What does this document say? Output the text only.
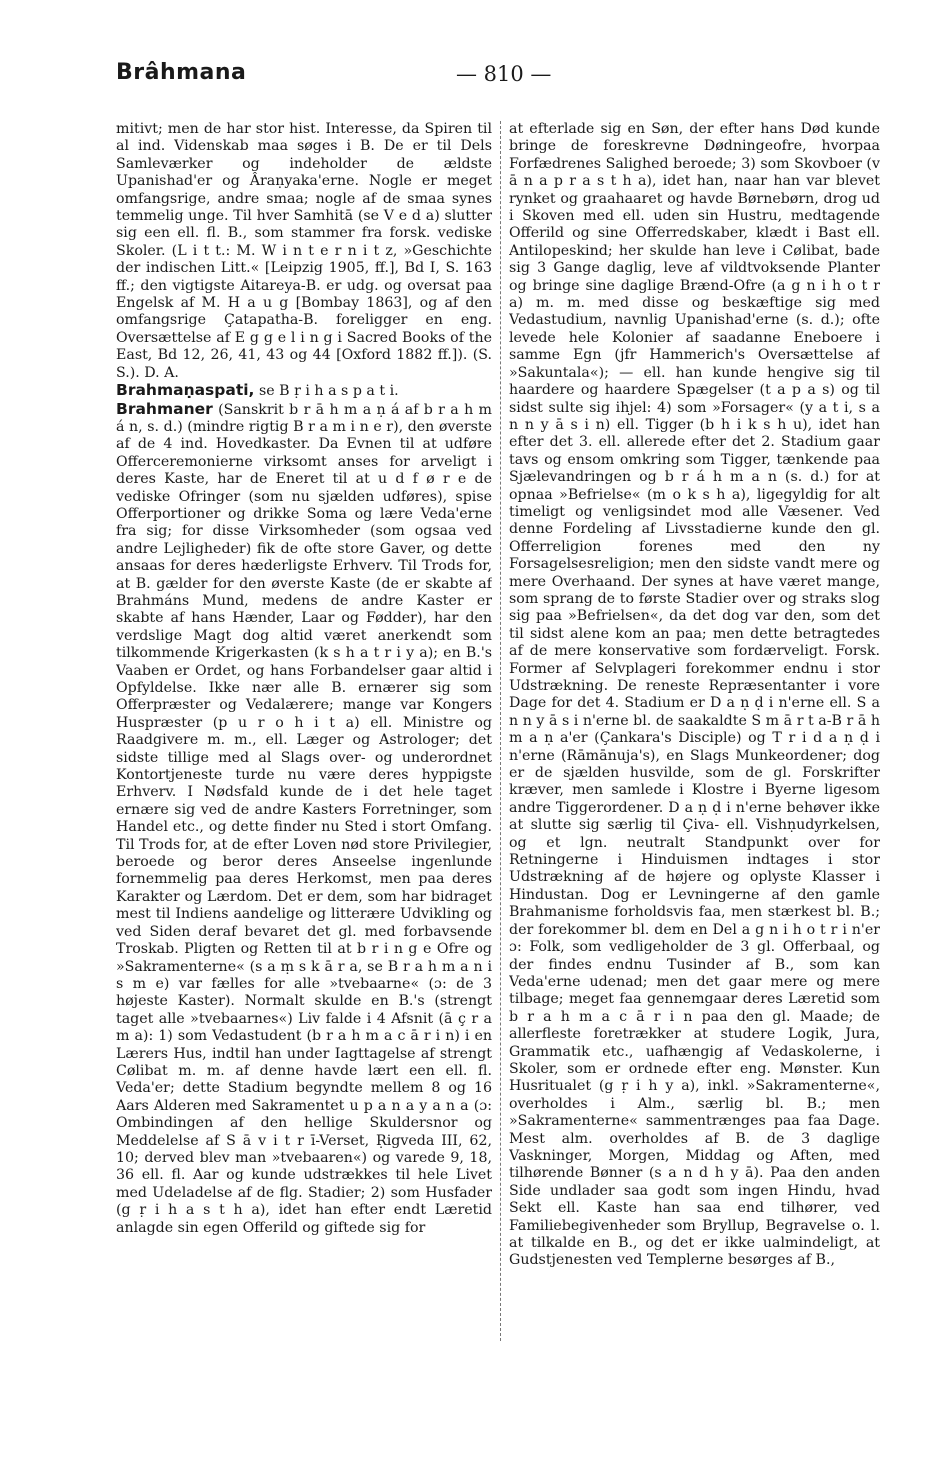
Brâhmana	— 810 —

mitivt; men de har stor hist. Interesse, da Spiren til al ind. Videnskab maa søges i B. De er til Dels Samleværker og indeholder de ældste Upanishad'er og Âraṇyaka'erne. Nogle er meget omfangsrige, andre smaa; nogle af de smaa synes temmelig unge. Til hver Samhitā (se V e d a) slutter sig een ell. fl. B., som stammer fra forsk. vediske Skoler. (L i t t.: M. W i n t e r n i t z, »Geschichte der indischen Litt.« [Leipzig 1905, ff.], Bd I, S. 163 ff.; den vigtigste Aitareya-B. er udg. og oversat paa Engelsk af M. H a u g [Bombay 1863], og af den omfangsrige Çatapatha-B. foreligger en eng. Oversættelse af E g g e l i n g i Sacred Books of the East, Bd 12, 26, 41, 43 og 44 [Oxford 1882 ff.]). (S. S.). D. A.

Brahmaṇaspati, se B ṛ i h a s p a t i.

Brahmaner (Sanskrit b r ā h m a ṇ á af b r a h m á n, s. d.) (mindre rigtig B r a m i n e r), den øverste af de 4 ind. Hovedkaster. Da Evnen til at udføre Offerceremonierne virksomt anses for arveligt i deres Kaste, har de Eneret til at u d f ø r e de vediske Ofringer (som nu sjælden udføres), spise Offerportioner og drikke Soma og lære Veda'erne fra sig; for disse Virksomheder (som ogsaa ved andre Lejligheder) fik de ofte store Gaver, og dette ansaas for deres hæderligste Erhverv. Til Trods for, at B. gælder for den øverste Kaste (de er skabte af Brahmáns Mund, medens de andre Kaster er skabte af hans Hænder, Laar og Fødder), har den verdslige Magt dog altid været anerkendt som tilkommende Krigerkasten (k s h a t r i y a); en B.'s Vaaben er Ordet, og hans Forbandelser gaar altid i Opfyldelse. Ikke nær alle B. ernærer sig som Offerpræster og Vedalærere; mange var Kongers Huspræster (p u r o h i t a) ell. Ministre og Raadgivere m. m., ell. Læger og Astrologer; det sidste tillige med al Slags over- og underordnet Kontortjeneste turde nu være deres hyppigste Erhverv. I Nødsfald kunde de i det hele taget ernære sig ved de andre Kasters Forretninger, som Handel etc., og dette finder nu Sted i stort Omfang. Til Trods for, at de efter Loven nød store Privilegier, beroede og beror deres Anseelse ingenlunde fornemmelig paa deres Herkomst, men paa deres Karakter og Lærdom. Det er dem, som har bidraget mest til Indiens aandelige og litterære Udvikling og ved Siden deraf bevaret det gl. med forbavsende Troskab. Pligten og Retten til at b r i n g e Ofre og »Sakramenterne« (s a ṃ s k ā r a, se B r a h m a n i s m e) var fælles for alle »tvebaarne« (ɔ: de 3 højeste Kaster). Normalt skulde en B.'s (strengt taget alle »tvebaarnes«) Liv falde i 4 Afsnit (ā ç r a m a): 1) som Vedastudent (b r a h m a c ā r i n) i en Lærers Hus, indtil han under Iagttagelse af strengt Cølibat m. m. af denne havde lært een ell. fl. Veda'er; dette Stadium begyndte mellem 8 og 16 Aars Alderen med Sakramentet u p a n a y a n a (ɔ: Ombindingen af den hellige Skuldersnor og Meddelelse af S ā v i t r ī-Verset, Ṛigveda III, 62, 10; derved blev man »tvebaaren«) og varede 9, 18, 36 ell. fl. Aar og kunde udstrækkes til hele Livet med Udeladelse af de flg. Stadier; 2) som Husfader (g ṛ i h a s t h a), idet han efter endt Læretid anlagde sin egen Offerild og giftede sig for

at efterlade sig en Søn, der efter hans Død kunde bringe de foreskrevne Dødningeofre, hvorpaa Forfædrenes Salighed beroede; 3) som Skovboer (v ā n a p r a s t h a), idet han, naar han var blevet rynket og graahaaret og havde Børnebørn, drog ud i Skoven med ell. uden sin Hustru, medtagende Offerild og sine Offerredskaber, klædt i Bast ell. Antilopeskind; her skulde han leve i Cølibat, bade sig 3 Gange daglig, leve af vildtvoksende Planter og bringe sine daglige Brænd-Ofre (a g n i h o t r a) m. m. med disse og beskæftige sig med Vedastudium, navnlig Upanishad'erne (s. d.); ofte levede hele Kolonier af saadanne Eneboere i samme Egn (jfr Hammerich's Oversættelse af »Sakuntala«); — ell. han kunde hengive sig til haardere og haardere Spægelser (t a p a s) og til sidst sulte sig ihjel: 4) som »Forsager« (y a t i, s a n n y ā s i n) ell. Tigger (b h i k s h u), idet han efter det 3. ell. allerede efter det 2. Stadium gaar tavs og ensom omkring som Tigger, tænkende paa Sjælevandringen og b r á h m a n (s. d.) for at opnaa »Befrielse« (m o k s h a), ligegyldig for alt timeligt og venligsindet mod alle Væsener. Ved denne Fordeling af Livsstadierne kunde den gl. Offerreligion forenes med den ny Forsagelsesreligion; men den sidste vandt mere og mere Overhaand. Der synes at have været mange, som sprang de to første Stadier over og straks slog sig paa »Befrielsen«, da det dog var den, som det til sidst alene kom an paa; men dette betragtedes af de mere konservative som fordærveligt. Forsk. Former af Selvplageri forekommer endnu i stor Udstrækning. De reneste Repræsentanter i vore Dage for det 4. Stadium er D a ṇ ḍ i n'erne ell. S a n n y ā s i n'erne bl. de saakaldte S m ā r t a-B r ā h m a ṇ a'er (Çankara's Disciple) og T r i d a ṇ ḍ i n'erne (Rāmānuja's), en Slags Munkeordener; dog er de sjælden husvilde, som de gl. Forskrifter kræver, men samlede i Klostre i Byerne ligesom andre Tiggerordener. D a ṇ ḍ i n'erne behøver ikke at slutte sig særlig til Çiva- ell. Vishṇudyrkelsen, og et lgn. neutralt Standpunkt over for Retningerne i Hinduismen indtages i stor Udstrækning af de højere og oplyste Klasser i Hindustan. Dog er Levningerne af den gamle Brahmanisme forholdsvis faa, men stærkest bl. B.; der forekommer bl. dem en Del a g n i h o t r i n'er ɔ: Folk, som vedligeholder de 3 gl. Offerbaal, og der findes endnu Tusinder af B., som kan Veda'erne udenad; men det gaar mere og mere tilbage; meget faa gennemgaar deres Læretid som b r a h m a c ā r i n paa den gl. Maade; de allerfleste foretrækker at studere Logik, Jura, Grammatik etc., uafhængig af Vedaskolerne, i Skoler, som er ordnede efter eng. Mønster. Kun Husritualet (g ṛ i h y a), inkl. »Sakramenterne«, overholdes i Alm., særlig bl. B.; men »Sakramenterne« sammentrænges paa faa Dage. Mest alm. overholdes af B. de 3 daglige Vaskninger, Morgen, Middag og Aften, med tilhørende Bønner (s a n d h y ā). Paa den anden Side undlader saa godt som ingen Hindu, hvad Sekt ell. Kaste han saa end tilhører, ved Familiebegivenheder som Bryllup, Begravelse o. l. at tilkalde en B., og det er ikke ualmindeligt, at Gudstjenesten ved Templerne besørges af B.,
